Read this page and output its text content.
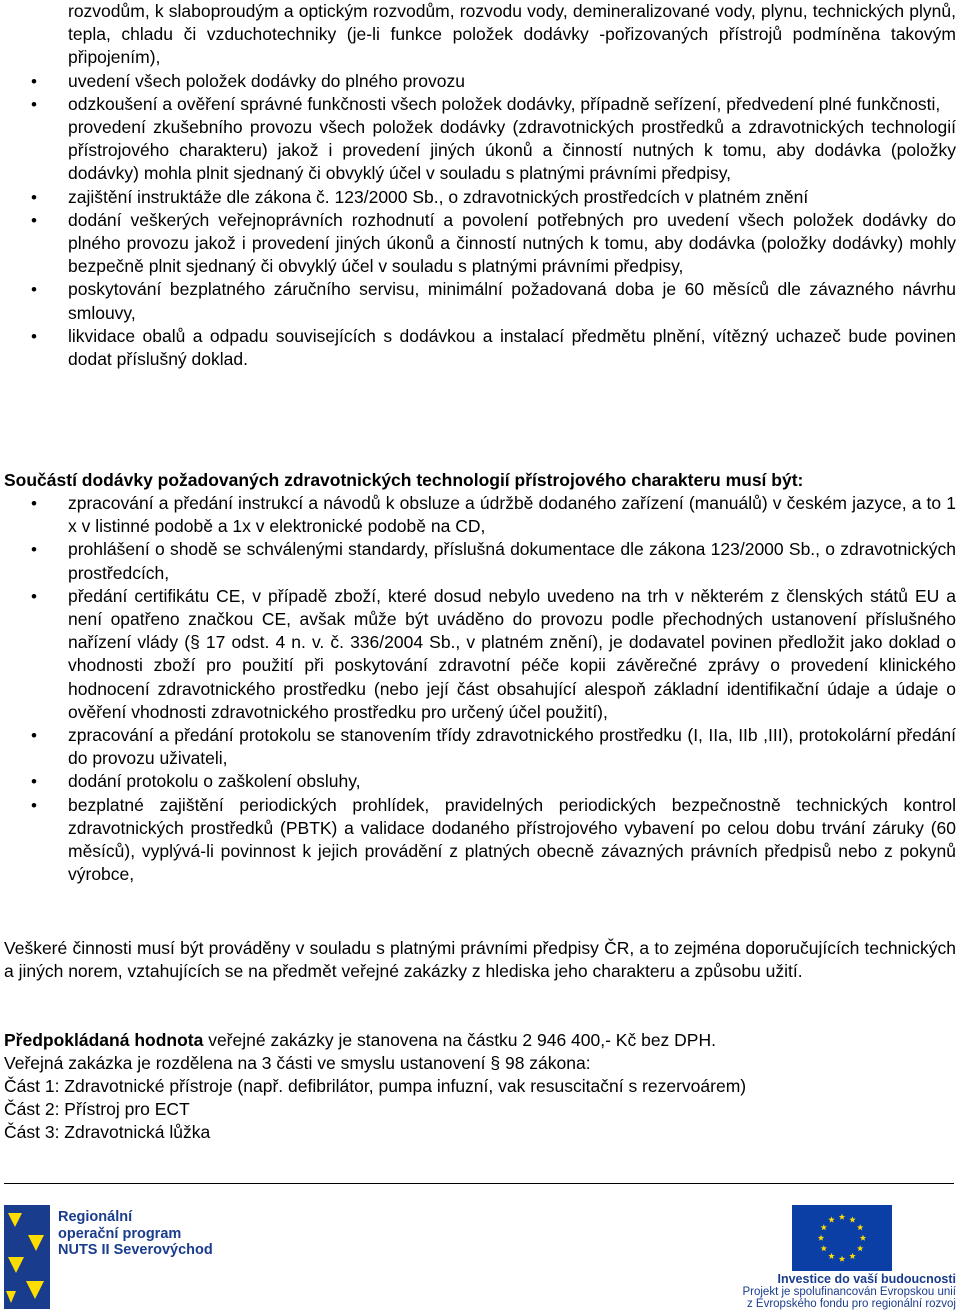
rozvodům, k slaboproudým a optickým rozvodům, rozvodu vody, demineralizované vody, plynu, technických plynů, tepla, chladu či vzduchotechniky (je-li funkce položek dodávky -pořizovaných přístrojů podmíněna takovým připojením),
• uvedení všech položek dodávky do plného provozu
• odzkoušení a ověření správné funkčnosti všech položek dodávky, případně seřízení, předvedení plné funkčnosti,
provedení zkušebního provozu všech položek dodávky (zdravotnických prostředků a zdravotnických technologií přístrojového charakteru) jakož i provedení jiných úkonů a činností nutných k tomu, aby dodávka (položky dodávky) mohla plnit sjednaný či obvyklý účel v souladu s platnými právními předpisy,
• zajištění instruktáže dle zákona č. 123/2000 Sb., o zdravotnických prostředcích v platném znění
• dodání veškerých veřejnoprávních rozhodnutí a povolení potřebných pro uvedení všech položek dodávky do plného provozu jakož i provedení jiných úkonů a činností nutných k tomu, aby dodávka (položky dodávky) mohly bezpečně plnit sjednaný či obvyklý účel v souladu s platnými právními předpisy,
• poskytování bezplatného záručního servisu, minimální požadovaná doba je 60 měsíců dle závazného návrhu smlouvy,
• likvidace obalů a odpadu souvisejících s dodávkou a instalací předmětu plnění, vítězný uchazeč bude povinen dodat příslušný doklad.
Součástí dodávky požadovaných zdravotnických technologií přístrojového charakteru musí být:
• zpracování a předání instrukcí a návodů k obsluze a údržbě dodaného zařízení (manuálů) v českém jazyce, a to 1 x v listinné podobě a 1x v elektronické podobě na CD,
• prohlášení o shodě se schválenými standardy, příslušná dokumentace dle zákona 123/2000 Sb., o zdravotnických prostředcích,
• předání certifikátu CE, v případě zboží, které dosud nebylo uvedeno na trh v některém z členských států EU a není opatřeno značkou CE, avšak může být uváděno do provozu podle přechodných ustanovení příslušného nařízení vlády (§ 17 odst. 4 n. v. č. 336/2004 Sb., v platném znění), je dodavatel povinen předložit jako doklad o vhodnosti zboží pro použití při poskytování zdravotní péče kopii závěrečné zprávy o provedení klinického hodnocení zdravotnického prostředku (nebo její část obsahující alespoň základní identifikační údaje a údaje o ověření vhodnosti zdravotnického prostředku pro určený účel použití),
• zpracování a předání protokolu se stanovením třídy zdravotnického prostředku (I, IIa, IIb ,III), protokolární předání do provozu uživateli,
• dodání protokolu o zaškolení obsluhy,
• bezplatné zajištění periodických prohlídek, pravidelných periodických bezpečnostně technických kontrol zdravotnických prostředků (PBTK) a validace dodaného přístrojového vybavení po celou dobu trvání záruky (60 měsíců), vyplývá-li povinnost k jejich provádění z platných obecně závazných právních předpisů nebo z pokynů výrobce,
Veškeré činnosti musí být prováděny v souladu s platnými právními předpisy ČR, a to zejména doporučujících technických a jiných norem, vztahujících se na předmět veřejné zakázky z hlediska jeho charakteru a způsobu užití.
Předpokládaná hodnota veřejné zakázky je stanovena na částku 2 946 400,- Kč bez DPH.
Veřejná zakázka je rozdělena na 3 části ve smyslu ustanovení § 98 zákona:
Část 1: Zdravotnické přístroje (např. defibrilátor, pumpa infuzní, vak resuscitační s rezervoárem)
Část 2: Přístroj pro ECT
Část 3: Zdravotnická lůžka
Regionální
operační program
NUTS II Severovýchod
Investice do vaší budoucnosti
Projekt je spolufinancován Evropskou unií
z Evropského fondu pro regionální rozvoj
